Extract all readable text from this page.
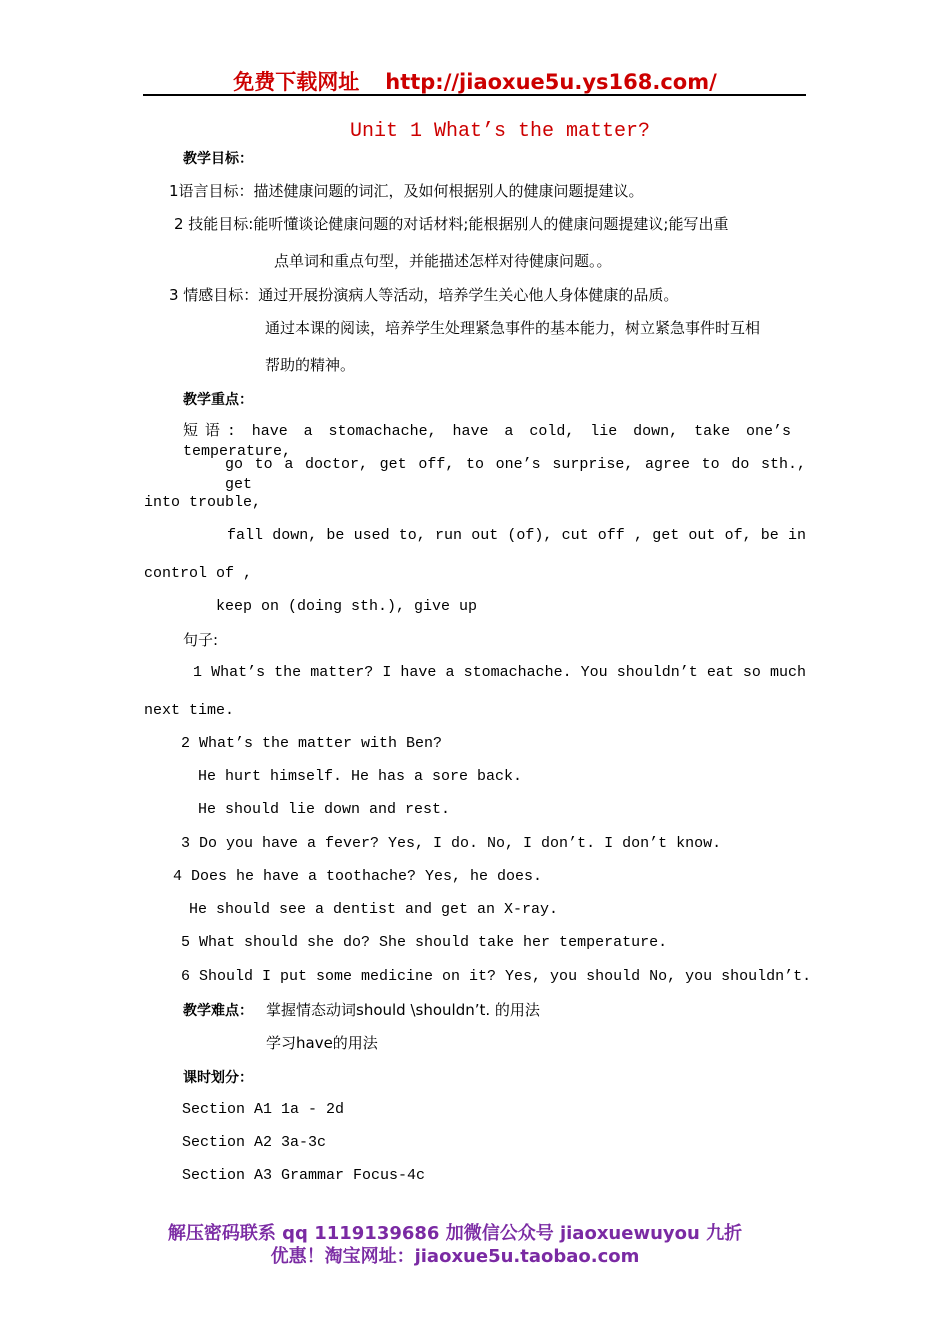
免费下载网址 http://jiaoxue5u.ys168.com/
Unit 1 What’s the matter?
教学目标：
1语言目标：描述健康问题的词汇，及如何根据别人的健康问题提建议。
2 技能目标:能听懂谈论健康问题的对话材料;能根据别人的健康问题提建议;能写出重
点单词和重点句型，并能描述怎样对待健康问题。。
3 情感目标：通过开展扮演病人等活动，培养学生关心他人身体健康的品质。
通过本课的阅读，培养学生处理紧急事件的基本能力，树立紧急事件时互相
帮助的精神。
教学重点：
短语: have a stomachache, have a cold, lie down, take one’s temperature,
go to a doctor, get off, to one’s surprise, agree to do sth., get
into trouble,
fall down, be used to, run out (of), cut off , get out of, be in
control of ,
keep on (doing sth.), give up
句子:
1 What’s the matter? I have a stomachache. You shouldn’t eat so much
next time.
2 What’s the matter with Ben?
He hurt himself. He has a sore back.
He should lie down and rest.
3 Do you have a fever? Yes, I do. No, I don’t. I don’t know.
4 Does he have a toothache? Yes, he does.
He should see a dentist and get an X-ray.
5 What should she do? She should take her temperature.
6 Should I put some medicine on it? Yes, you should No, you shouldn’t.
教学难点： 掌握情态动词should \shouldn’t. 的用法
学习have的用法
课时划分：
Section A1 1a - 2d
Section A2 3a-3c
Section A3 Grammar Focus-4c
解压密码联系 qq 1119139686 加微信公众号 jiaoxuewuyou 九折
优惠！淘宝网址：jiaoxue5u.taobao.com
